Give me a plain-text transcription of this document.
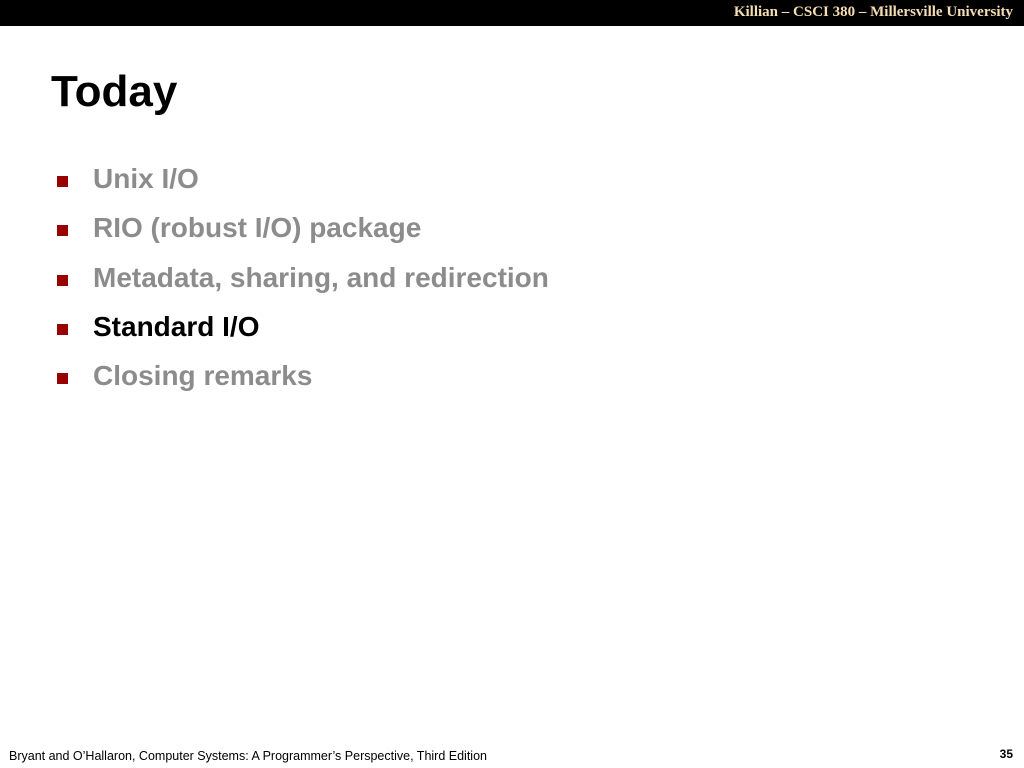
Killian – CSCI 380 – Millersville University
Today
Unix I/O
RIO (robust I/O) package
Metadata, sharing, and redirection
Standard I/O
Closing remarks
Bryant and O’Hallaron, Computer Systems: A Programmer’s Perspective, Third Edition	35
